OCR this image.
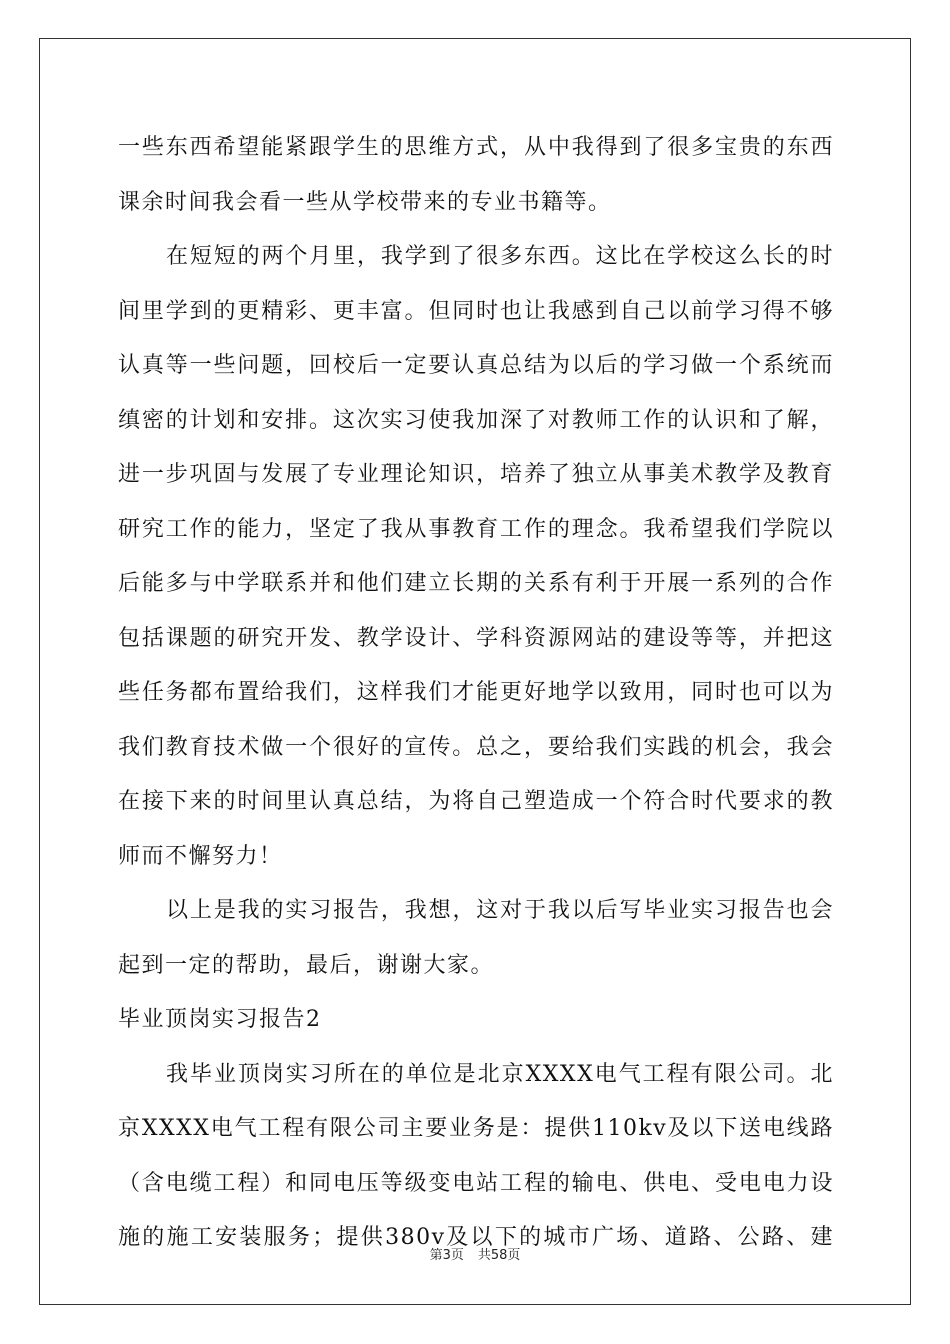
一些东西希望能紧跟学生的思维方式，从中我得到了很多宝贵的东西
课余时间我会看一些从学校带来的专业书籍等。
在短短的两个月里，我学到了很多东西。这比在学校这么长的时
间里学到的更精彩、更丰富。但同时也让我感到自己以前学习得不够
认真等一些问题，回校后一定要认真总结为以后的学习做一个系统而
缜密的计划和安排。这次实习使我加深了对教师工作的认识和了解，
进一步巩固与发展了专业理论知识，培养了独立从事美术教学及教育
研究工作的能力，坚定了我从事教育工作的理念。我希望我们学院以
后能多与中学联系并和他们建立长期的关系有利于开展一系列的合作
包括课题的研究开发、教学设计、学科资源网站的建设等等，并把这
些任务都布置给我们，这样我们才能更好地学以致用，同时也可以为
我们教育技术做一个很好的宣传。总之，要给我们实践的机会，我会
在接下来的时间里认真总结，为将自己塑造成一个符合时代要求的教
师而不懈努力！
以上是我的实习报告，我想，这对于我以后写毕业实习报告也会
起到一定的帮助，最后，谢谢大家。
毕业顶岗实习报告2
我毕业顶岗实习所在的单位是北京XXXX电气工程有限公司。北
京XXXX电气工程有限公司主要业务是：提供110kv及以下送电线路
（含电缆工程）和同电压等级变电站工程的输电、供电、受电电力设
施的施工安装服务；提供380v及以下的城市广场、道路、公路、建
第3页 共58页
